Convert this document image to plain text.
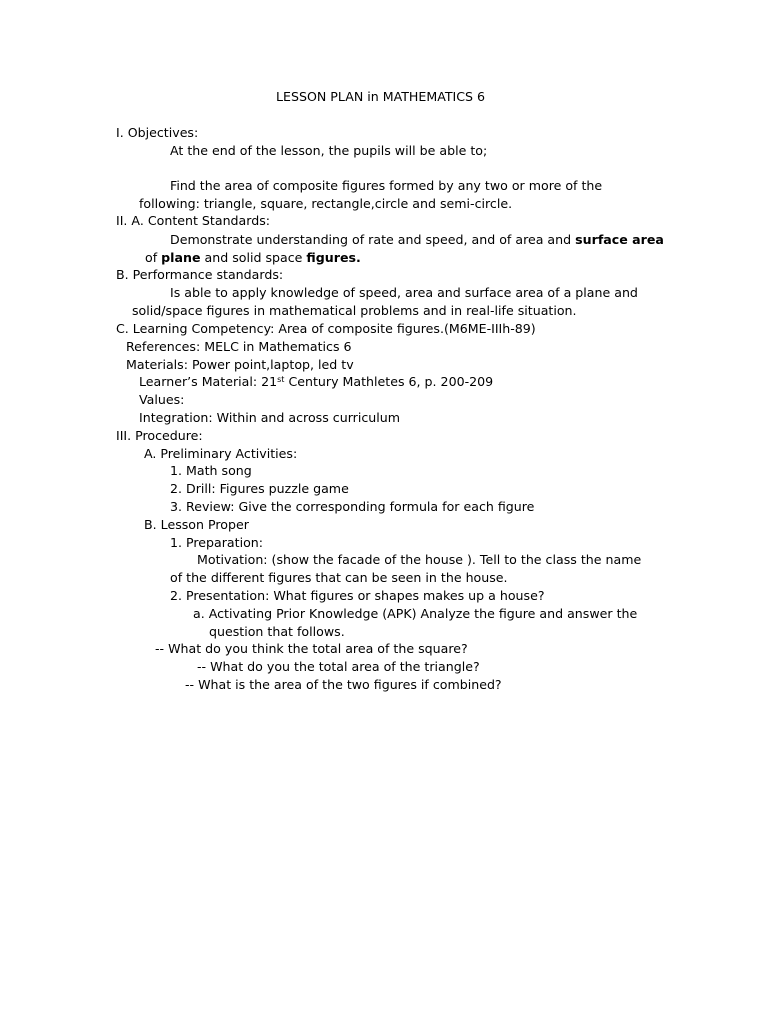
LESSON PLAN in MATHEMATICS 6
I. Objectives:
At the end of the lesson, the pupils will be able to;
Find the area of composite figures formed by any two or more of the
following: triangle, square, rectangle,circle and semi-circle.
II. A. Content Standards:
Demonstrate understanding of rate and speed, and of area and surface area
of plane and solid space figures.
B. Performance standards:
Is able to apply knowledge of speed, area and surface area of a plane and
solid/space figures in mathematical problems and in real-life situation.
C. Learning Competency: Area of composite figures.(M6ME-IIIh-89)
References: MELC in Mathematics 6
Materials: Power point,laptop, led tv
Learner’s Material: 21st Century Mathletes 6, p. 200-209
Values:
Integration: Within and across curriculum
III. Procedure:
A. Preliminary Activities:
1. Math song
2. Drill: Figures puzzle game
3. Review: Give the corresponding formula for each figure
B. Lesson Proper
1. Preparation:
Motivation: (show the facade of the house ). Tell to the class the name
of the different figures that can be seen in the house.
2. Presentation: What figures or shapes makes up a house?
a. Activating Prior Knowledge (APK) Analyze the figure and answer the
question that follows.
-- What do you think the total area of the square?
-- What do you the total area of the triangle?
-- What is the area of the two figures if combined?
